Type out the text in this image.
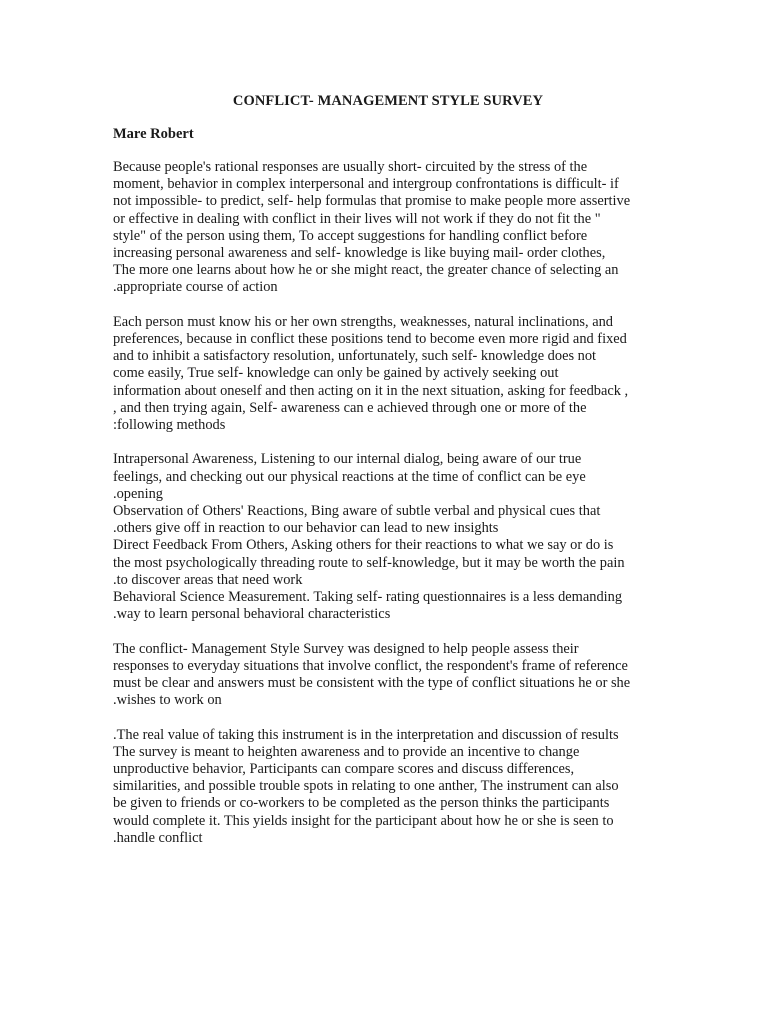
CONFLICT- MANAGEMENT STYLE SURVEY
Mare Robert
Because people's rational responses are usually short- circuited by the stress of the
moment, behavior in complex interpersonal and intergroup confrontations is difficult- if
not impossible- to predict, self- help formulas that promise to make people more assertive
or effective in dealing with conflict in their lives will not work if they do not fit the "
style" of the person using them, To accept suggestions for handling conflict before
increasing personal awareness and self- knowledge is like buying mail- order clothes,
The more one learns about how he or she might react, the greater chance of selecting an
.appropriate course of action
Each person must know his or her own strengths, weaknesses, natural inclinations, and
preferences, because in conflict these positions tend to become even more rigid and fixed
and to inhibit a satisfactory resolution, unfortunately, such self- knowledge does not
come easily, True self- knowledge can only be gained by actively seeking out
information about oneself and then acting on it in the next situation, asking for feedback ,
, and then trying again, Self- awareness can e achieved through one or more of the
:following methods
Intrapersonal Awareness, Listening to our internal dialog, being aware of our true
feelings, and checking out our physical reactions at the time of conflict can be eye
.opening
Observation of Others' Reactions, Bing aware of subtle verbal and physical cues that
.others give off in reaction to our behavior can lead to new insights
Direct Feedback From Others, Asking others for their reactions to what we say or do is
the most psychologically threading route to self-knowledge, but it may be worth the pain
.to discover areas that need work
Behavioral Science Measurement. Taking self- rating questionnaires is a less demanding
.way to learn personal behavioral characteristics
The conflict- Management Style Survey was designed to help people assess their
responses to everyday situations that involve conflict, the respondent's frame of reference
must be clear and answers must be consistent with the type of conflict situations he or she
.wishes to work on
.The real value of taking this instrument is in the interpretation and discussion of results
The survey is meant to heighten awareness and to provide an incentive to change
unproductive behavior, Participants can compare scores and discuss differences,
similarities, and possible trouble spots in relating to one anther, The instrument can also
be given to friends or co-workers to be completed as the person thinks the participants
would complete it. This yields insight for the participant about how he or she is seen to
.handle conflict
